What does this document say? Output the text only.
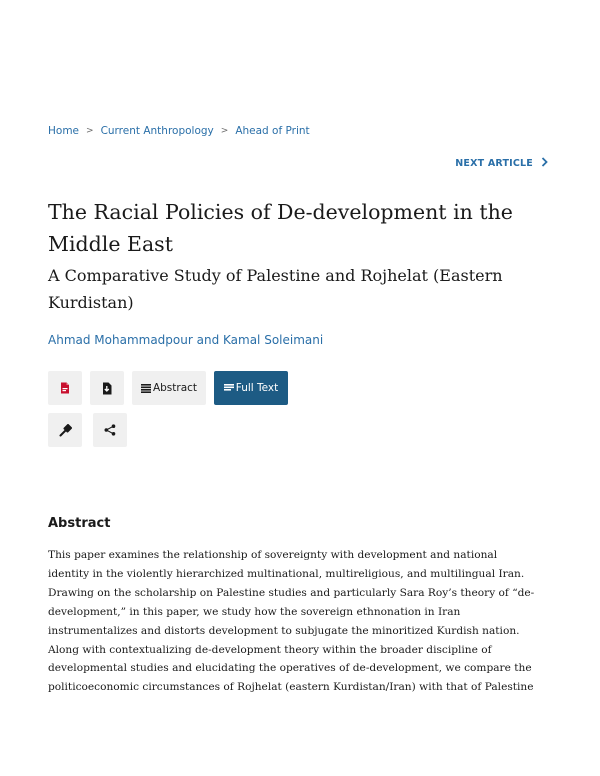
Home > Current Anthropology > Ahead of Print
NEXT ARTICLE
The Racial Policies of De-development in the
Middle East
A Comparative Study of Palestine and Rojhelat (Eastern
Kurdistan)
Ahmad Mohammadpour and Kamal Soleimani
Abstract	Full Text
Abstract

This paper examines the relationship of sovereignty with development and national
identity in the violently hierarchized multinational, multireligious, and multilingual Iran.
Drawing on the scholarship on Palestine studies and particularly Sara Roy’s theory of “de-
development,” in this paper, we study how the sovereign ethnonation in Iran
instrumentalizes and distorts development to subjugate the minoritized Kurdish nation.
Along with contextualizing de-development theory within the broader discipline of
developmental studies and elucidating the operatives of de-development, we compare the
politicoeconomic circumstances of Rojhelat (eastern Kurdistan/Iran) with that of Palestine
